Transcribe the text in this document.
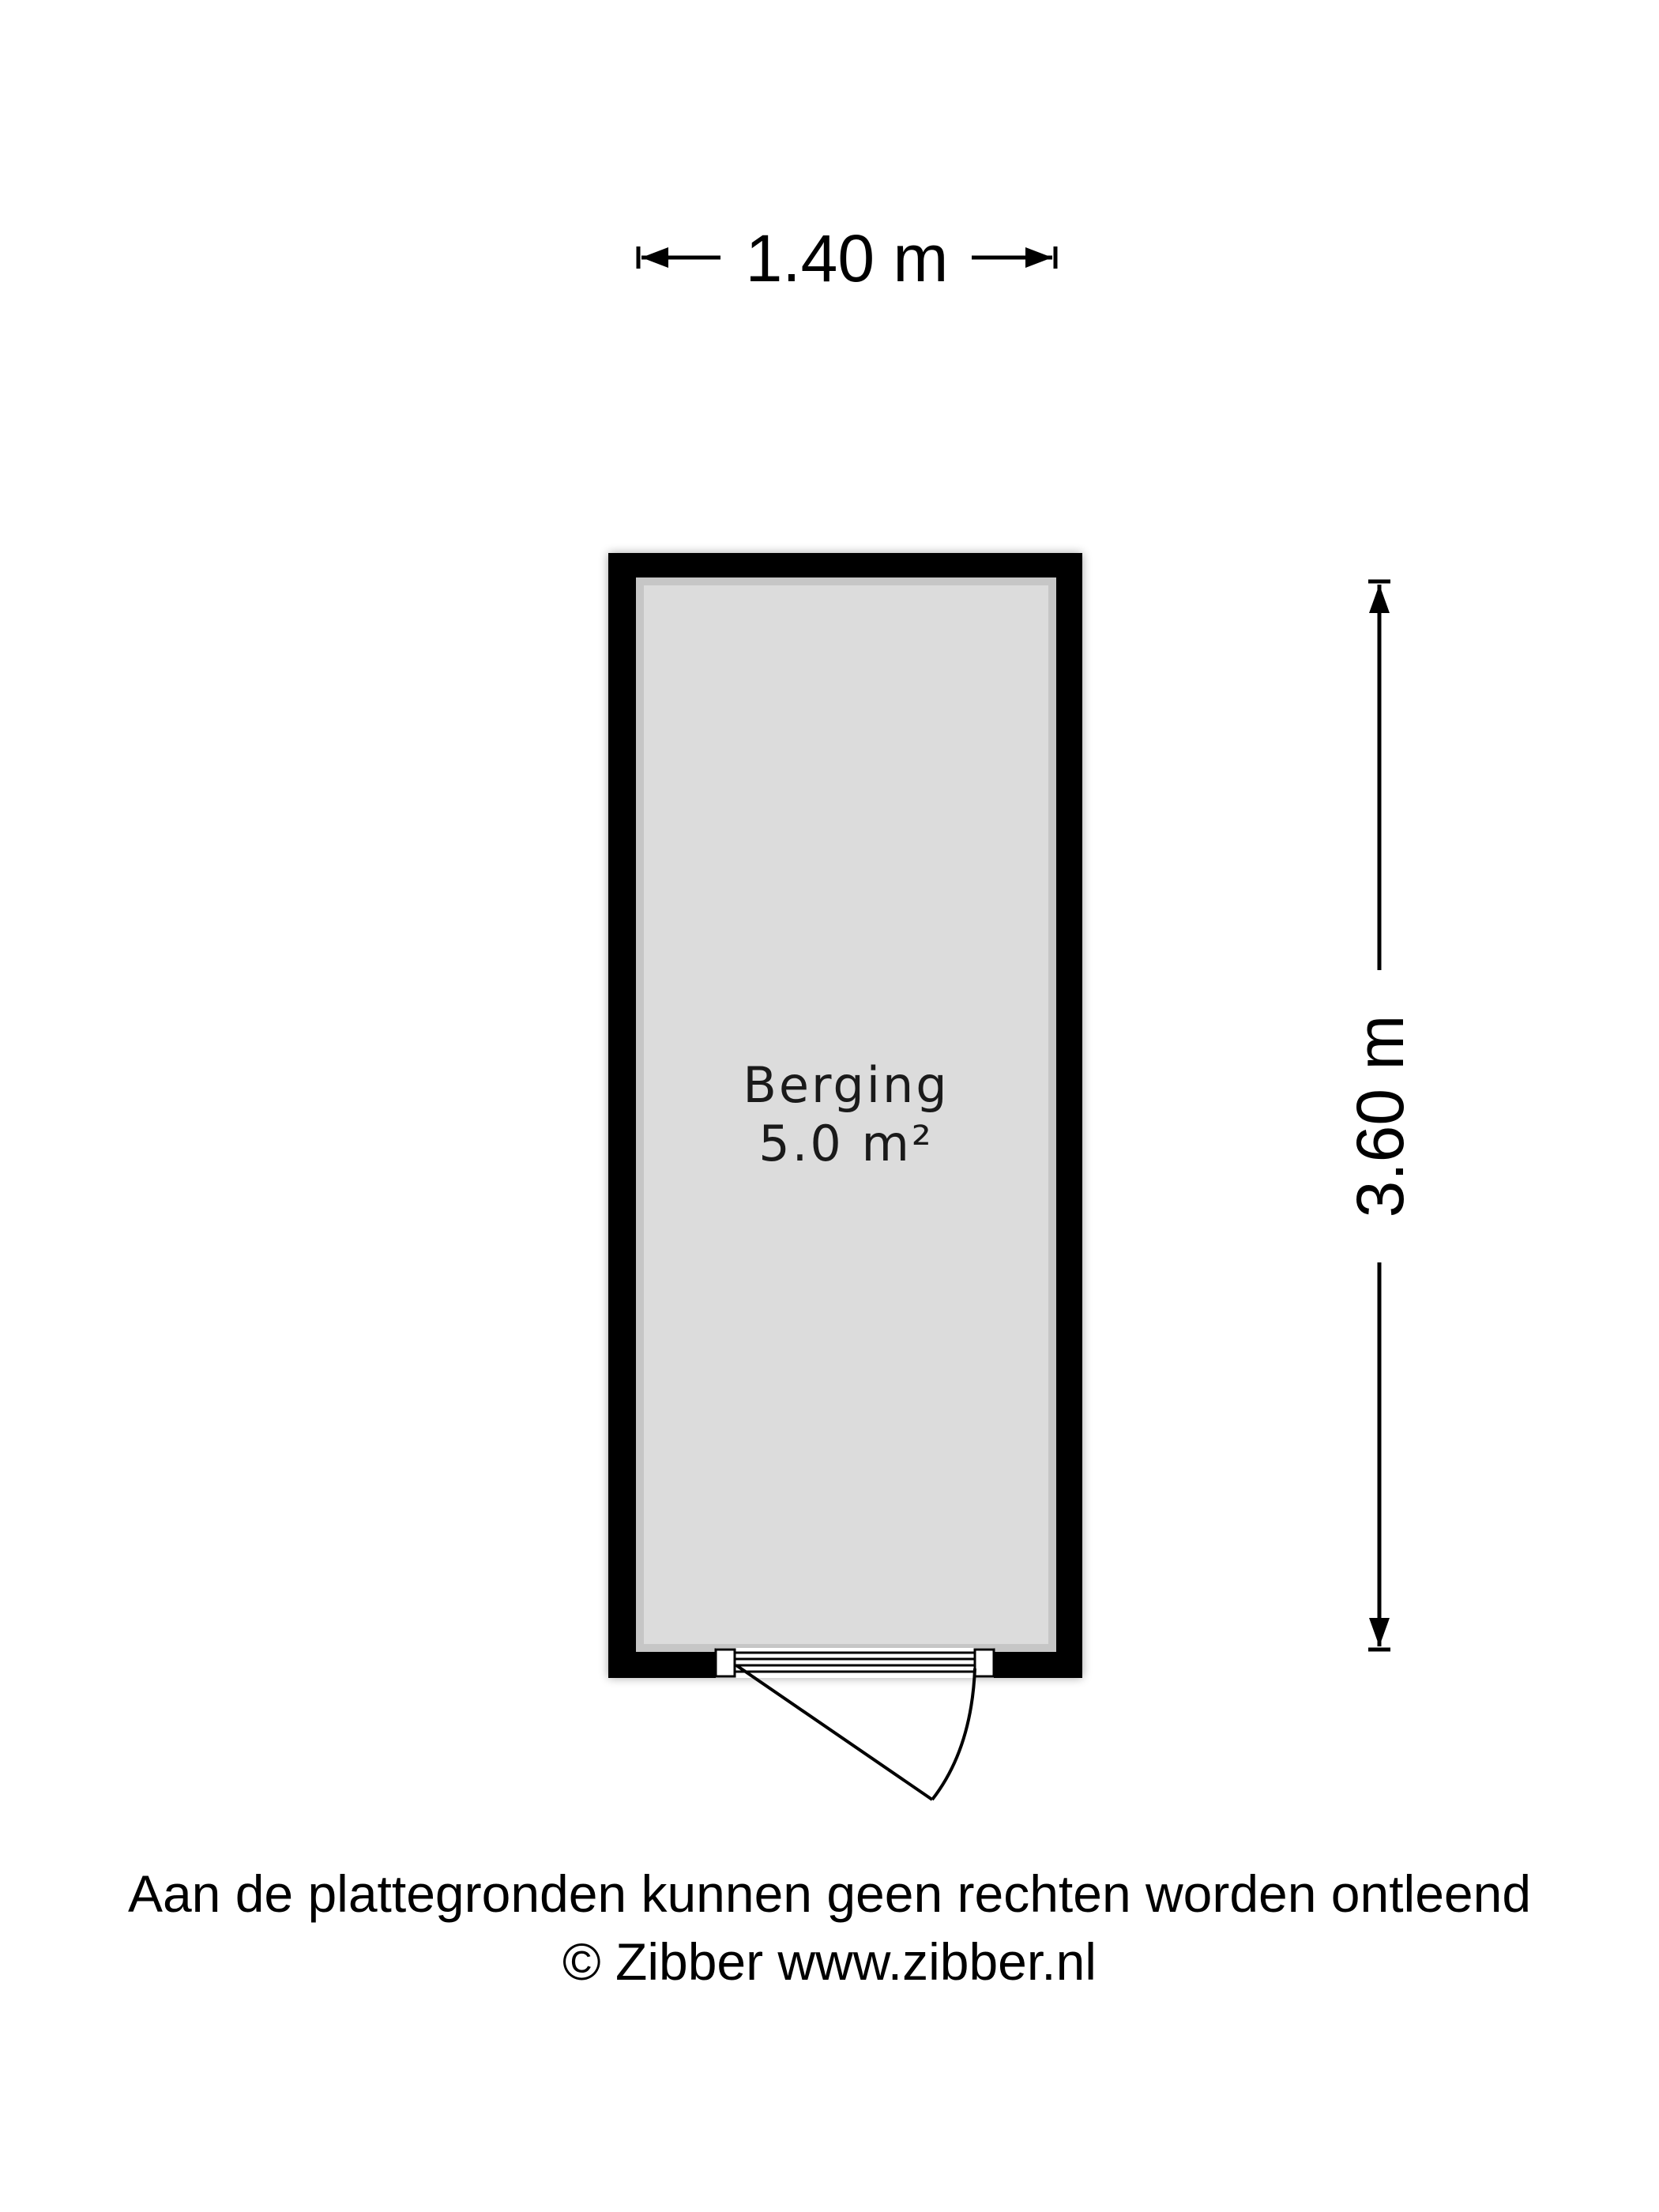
1.40 m
3.60 m
Berging
5.0 m²
Aan de plattegronden kunnen geen rechten worden ontleend
© Zibber www.zibber.nl
